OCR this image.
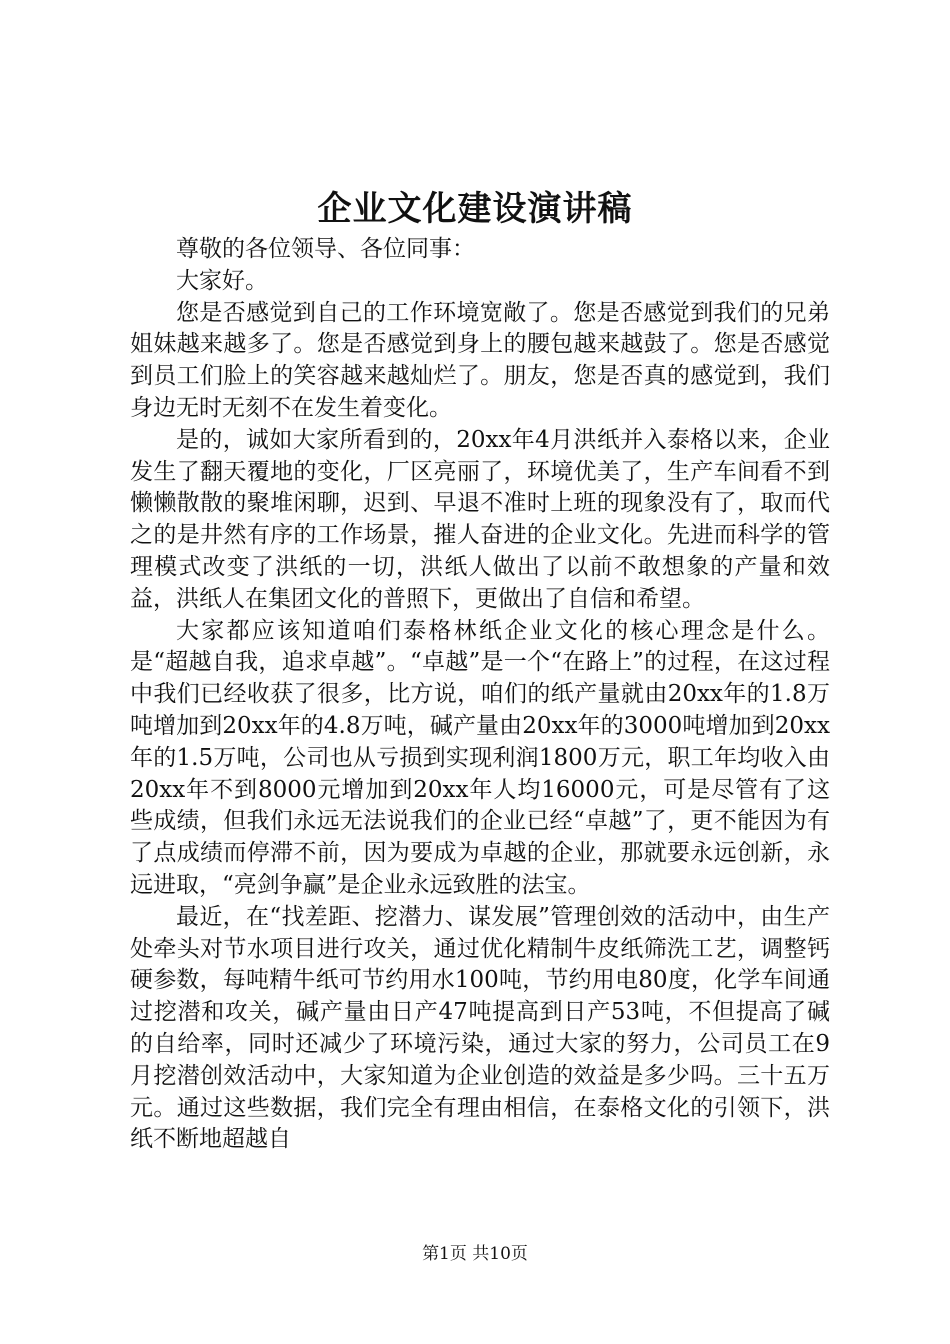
企业文化建设演讲稿

尊敬的各位领导、各位同事：

大家好。

您是否感觉到自己的工作环境宽敞了。您是否感觉到我们的兄弟姐妹越来越多了。您是否感觉到身上的腰包越来越鼓了。您是否感觉到员工们脸上的笑容越来越灿烂了。朋友，您是否真的感觉到，我们身边无时无刻不在发生着变化。

是的，诚如大家所看到的，20xx年4月洪纸并入泰格以来，企业发生了翻天覆地的变化，厂区亮丽了，环境优美了，生产车间看不到懒懒散散的聚堆闲聊，迟到、早退不准时上班的现象没有了，取而代之的是井然有序的工作场景，摧人奋进的企业文化。先进而科学的管理模式改变了洪纸的一切，洪纸人做出了以前不敢想象的产量和效益，洪纸人在集团文化的普照下，更做出了自信和希望。

大家都应该知道咱们泰格林纸企业文化的核心理念是什么。是“超越自我，追求卓越”。“卓越”是一个“在路上”的过程，在这过程中我们已经收获了很多，比方说，咱们的纸产量就由20xx年的1.8万吨增加到20xx年的4.8万吨，碱产量由20xx年的3000吨增加到20xx年的1.5万吨，公司也从亏损到实现利润1800万元，职工年均收入由20xx年不到8000元增加到20xx年人均16000元，可是尽管有了这些成绩，但我们永远无法说我们的企业已经“卓越”了，更不能因为有了点成绩而停滞不前，因为要成为卓越的企业，那就要永远创新，永远进取，“亮剑争赢”是企业永远致胜的法宝。

最近，在“找差距、挖潜力、谋发展”管理创效的活动中，由生产处牵头对节水项目进行攻关，通过优化精制牛皮纸筛洗工艺，调整钙硬参数，每吨精牛纸可节约用水100吨，节约用电80度，化学车间通过挖潜和攻关，碱产量由日产47吨提高到日产53吨，不但提高了碱的自给率，同时还减少了环境污染，通过大家的努力，公司员工在9月挖潜创效活动中，大家知道为企业创造的效益是多少吗。三十五万元。通过这些数据，我们完全有理由相信，在泰格文化的引领下，洪纸不断地超越自

第1页 共10页
